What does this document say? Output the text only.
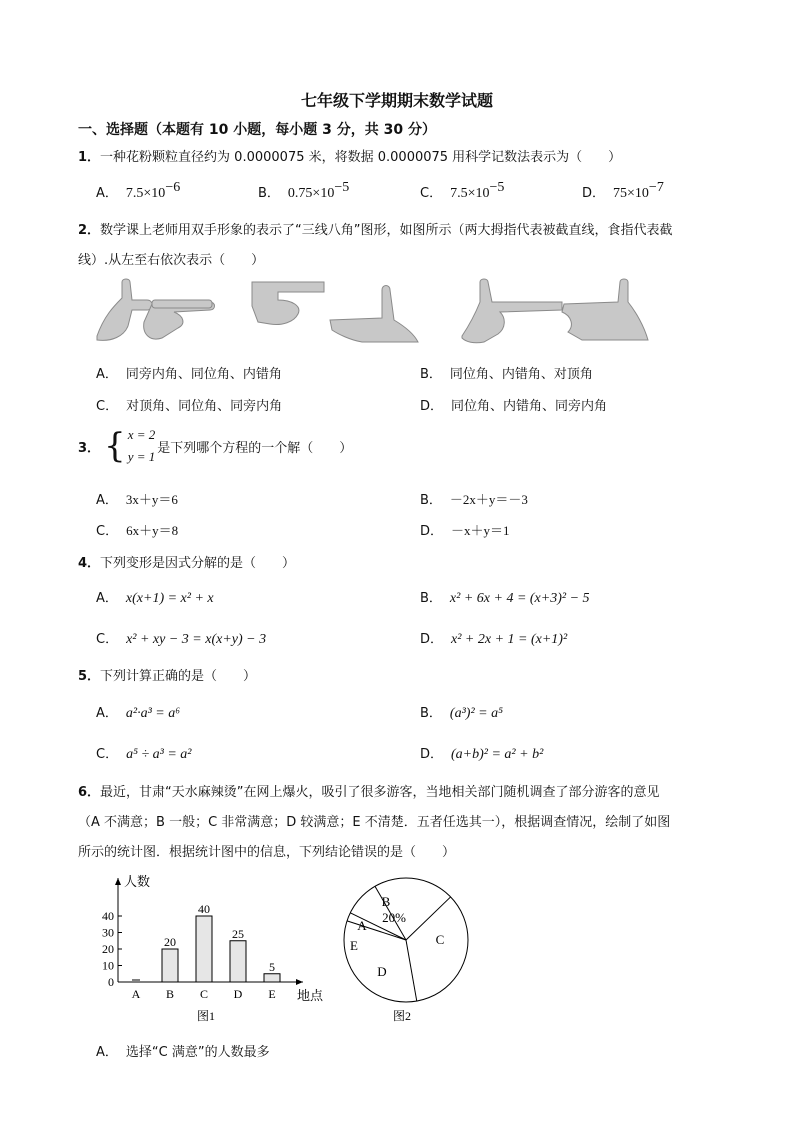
七年级下学期期末数学试题
一、选择题（本题有 10 小题，每小题 3 分，共 30 分）
1．一种花粉颗粒直径约为 0.0000075 米，将数据 0.0000075 用科学记数法表示为（　　）
A． $7.5\times 10^{-6}$	B． $0.75\times 10^{-5}$	C． $7.5\times 10^{-5}$	D． $75\times 10^{-7}$
2．数学课上老师用双手形象的表示了“三线八角”图形，如图所示（两大拇指代表被截直线，食指代表截
线）.从左至右依次表示（　　）
A． 同旁内角、同位角、内错角	B． 同位角、内错角、对顶角
C． 对顶角、同位角、同旁内角	D． 同位角、内错角、同旁内角
3． { x = 2
y = 1
是下列哪个方程的一个解（　　）
A． 3x＋y＝6	B． －2x＋y＝－3
C． 6x＋y＝8	D． －x＋y＝1
4．下列变形是因式分解的是（　　）
A． x(x+1) = x² + x	B． x² + 6x + 4 = (x+3)² − 5
C． x² + xy − 3 = x(x+y) − 3	D． x² + 2x + 1 = (x+1)²
5．下列计算正确的是（　　）
A． a²·a³ = a⁶	B． (a³)² = a⁵
C． a⁵ ÷ a³ = a²	D． (a+b)² = a² + b²
6．最近，甘肃“天水麻辣烫”在网上爆火，吸引了很多游客，当地相关部门随机调查了部分游客的意见
（A 不满意；B 一般；C 非常满意；D 较满意；E 不清楚．五者任选其一），根据调查情况，绘制了如图
所示的统计图．根据统计图中的信息，下列结论错误的是（　　）
0
10
20
30
40
人数
地点
A
20
B
40
C
25
D
5
E
图1
B
A
E
D
C
20%
图2
A． 选择“C 满意”的人数最多
